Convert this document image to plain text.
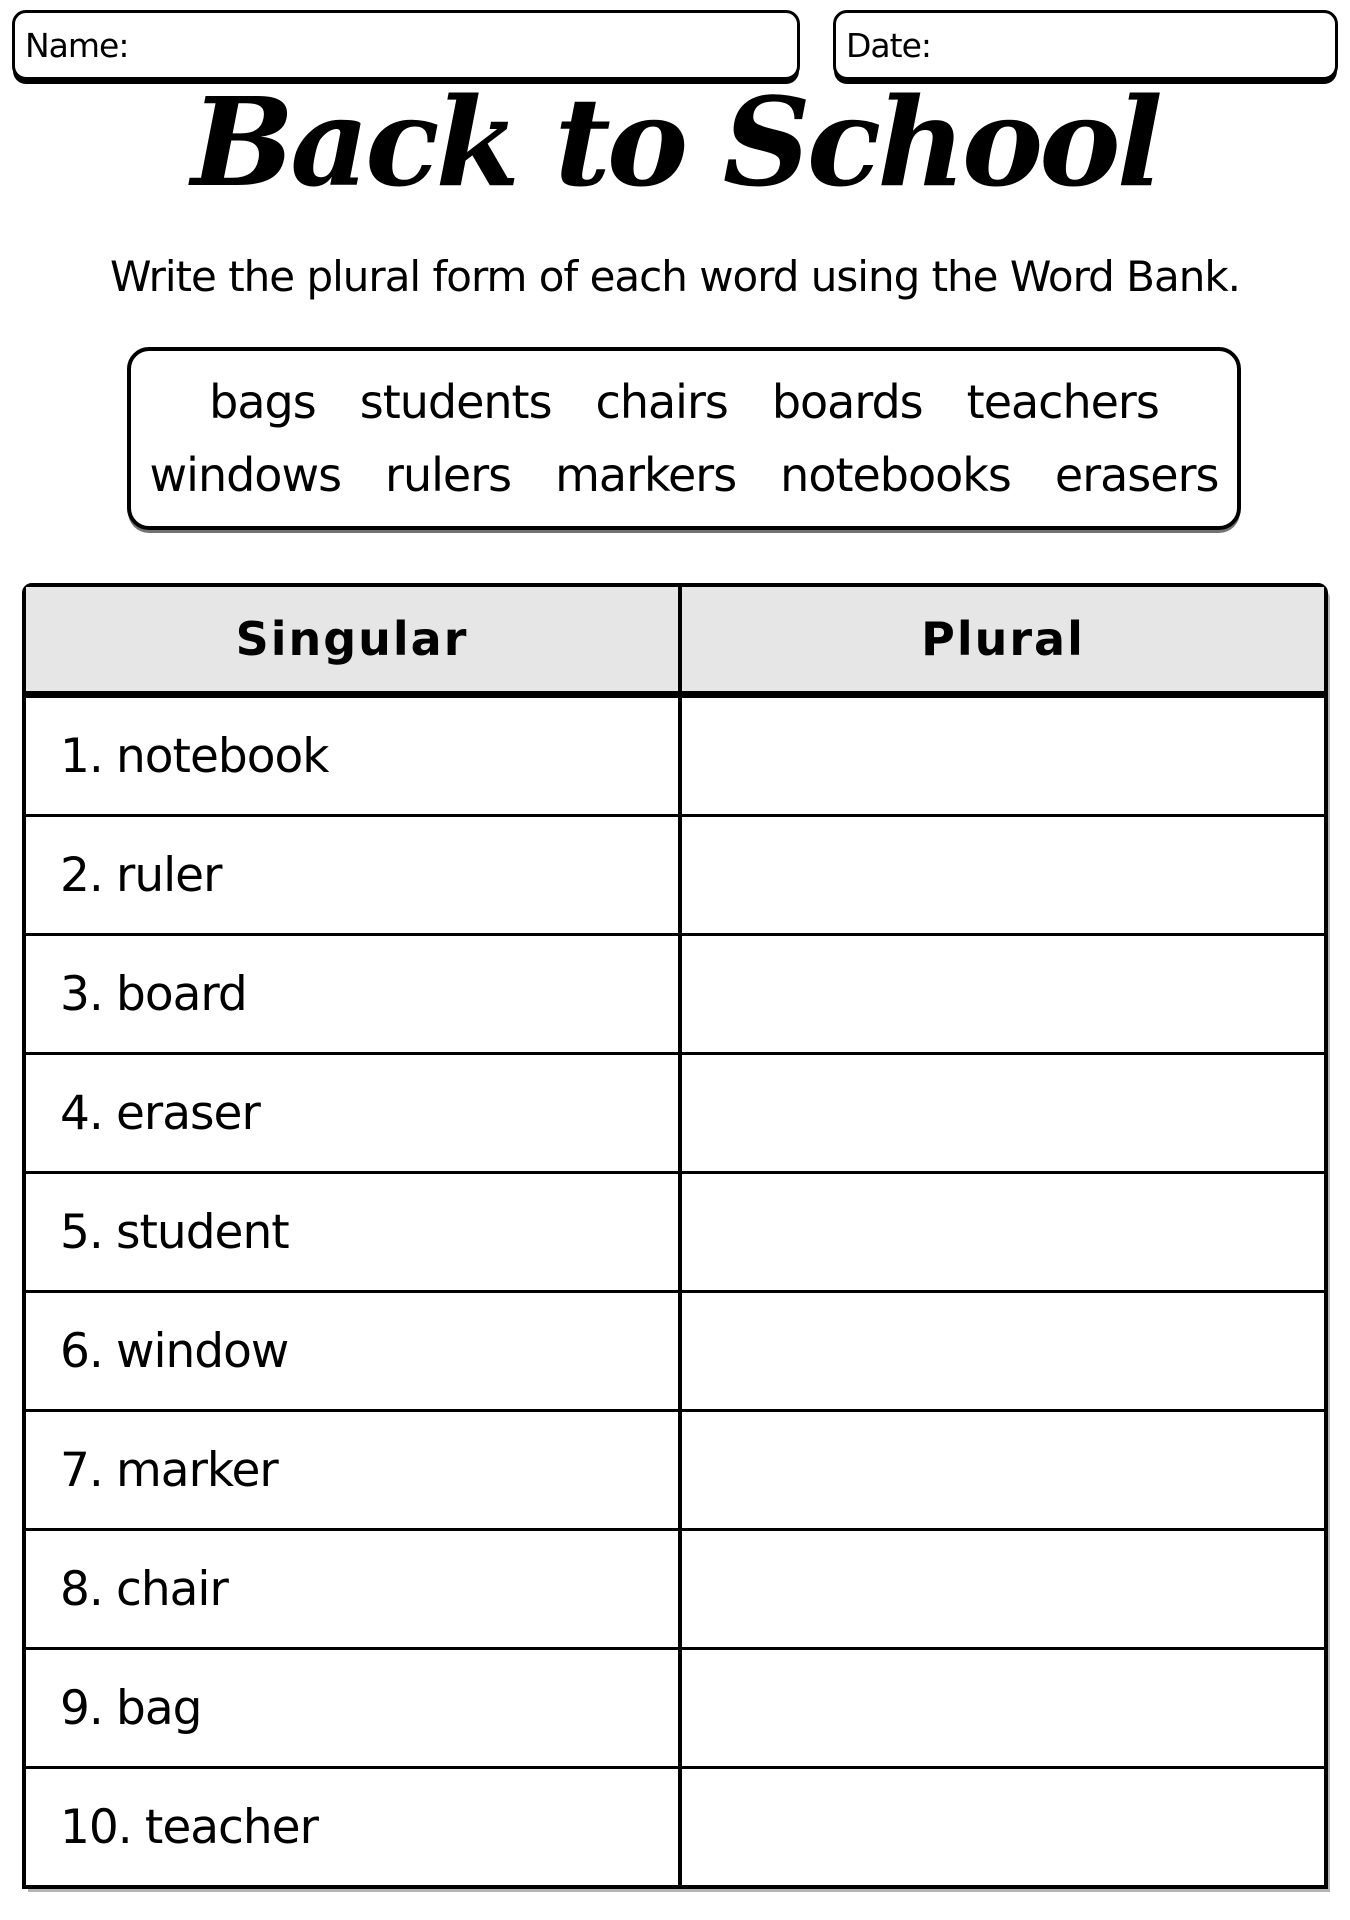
Name:	Date:
Back to School
Write the plural form of each word using the Word Bank.
bags students chairs boards teachers
windows rulers markers notebooks erasers
Singular	Plural
1. notebook
2. ruler
3. board
4. eraser
5. student
6. window
7. marker
8. chair
9. bag
10. teacher
